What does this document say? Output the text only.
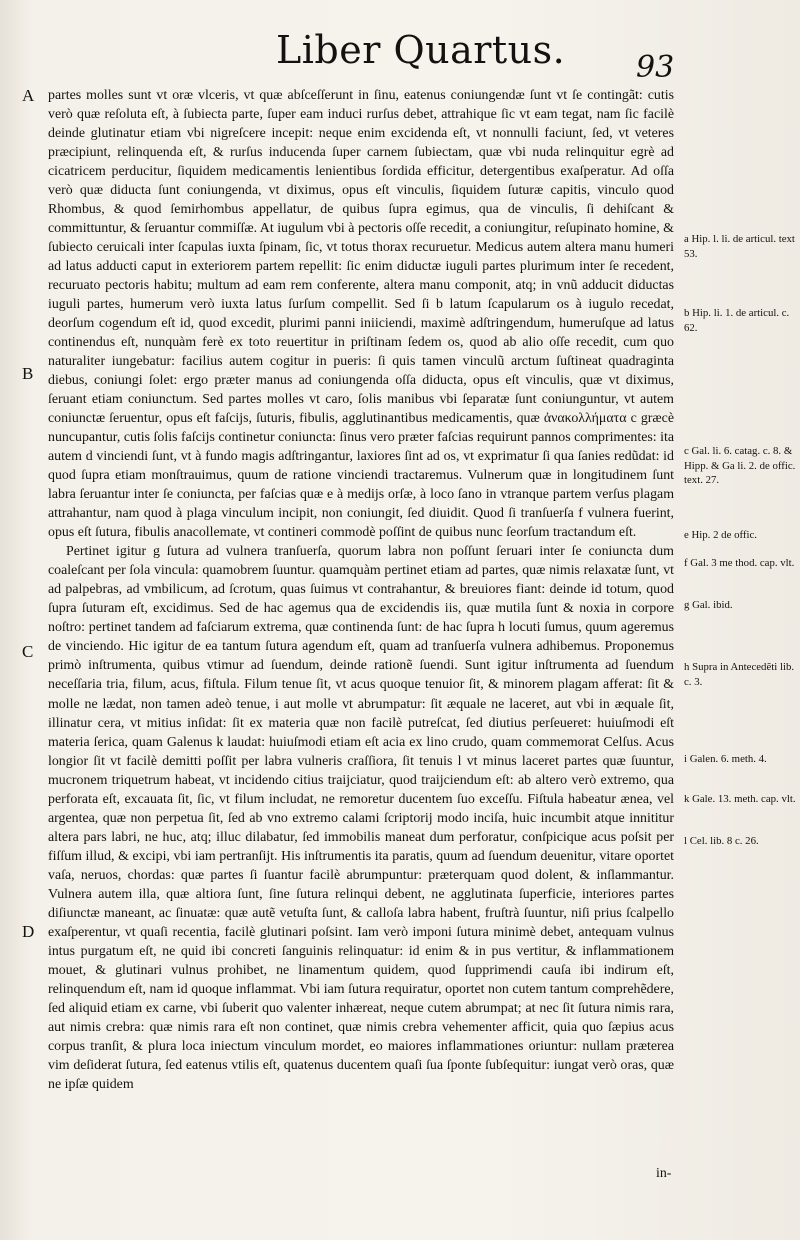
Liber Quartus. 93
A
B
C
D

partes molles sunt vt oræ vlceris, vt quæ abſceſſerunt in ſinu, eatenus coniungendæ ſunt vt ſe contingãt: cutis verò quæ reſoluta eſt, à ſubiecta parte, ſuper eam induci rurſus debet, attrahique ſic vt eam tegat, nam ſic facilè deinde glutinatur etiam vbi nigreſcere incepit: neque enim excidenda eſt, vt nonnulli faciunt, ſed, vt veteres præcipiunt, relinquenda eſt, & rurſus inducenda ſuper carnem ſubiectam, quæ vbi nuda relinquitur egrè ad cicatricem perducitur, ſiquidem medicamentis lenientibus ſordida efficitur, detergentibus exaſperatur. Ad oſſa verò quæ diducta ſunt coniungenda, vt diximus, opus eſt vinculis, ſiquidem ſuturæ capitis, vinculo quod Rhombus, & quod ſemirhombus appellatur, de quibus ſupra egimus, qua de vinculis, ſi dehiſcant & committuntur, & ſeruantur commiſſæ. At iugulum vbi à pectoris oſſe recedit, a coniungitur, reſupinato homine, & ſubiecto ceruicali inter ſcapulas iuxta ſpinam, ſic, vt totus thorax recuruetur. Medicus autem altera manu humeri ad latus adducti caput in exteriorem partem repellit: ſic enim diductæ iuguli partes plurimum inter ſe recedent, recuruato pectoris habitu; multum ad eam rem conferente, altera manu componit, atq; in vnũ adducit diductas iuguli partes, humerum verò iuxta latus ſurſum compellit. Sed ſi b latum ſcapularum os à iugulo recedat, deorſum cogendum eſt id, quod excedit, plurimi panni iniiciendi, maximè adſtringendum, humeruſque ad latus continendus eſt, nunquàm ferè ex toto reuertitur in priſtinam ſedem os, quod ab alio oſſe recedit, cum quo naturaliter iungebatur: facilius autem cogitur in pueris: ſi quis tamen vinculũ arctum ſuſtineat quadraginta diebus, coniungi ſolet: ergo præter manus ad coniungenda oſſa diducta, opus eſt vinculis, quæ vt diximus, ſeruant etiam coniunctum. Sed partes molles vt caro, ſolis manibus vbi ſeparatæ ſunt coniunguntur, vt autem coniunctæ ſeruentur, opus eſt faſcijs, ſuturis, fibulis, agglutinantibus medicamentis, quæ ἀνακολλήματα c græcè nuncupantur, cutis ſolis faſcijs continetur coniuncta: ſinus vero præter faſcias requirunt pannos comprimentes: ita autem d vinciendi ſunt, vt à fundo magis adſtringantur, laxiores ſint ad os, vt exprimatur ſi qua ſanies redũdat: id quod ſupra etiam monſtrauimus, quum de ratione vinciendi tractaremus. Vulnerum quæ in longitudinem ſunt labra ſeruantur inter ſe coniuncta, per faſcias quæ e à medijs orſæ, à loco ſano in vtranque partem verſus plagam attrahantur, nam quod à plaga vinculum incipit, non coniungit, ſed diuidit. Quod ſi tranſuerſa f vulnera fuerint, opus eſt ſutura, fibulis anacollemate, vt contineri commodè poſſint de quibus nunc ſeorſum tractandum eſt.

Pertinet igitur g ſutura ad vulnera tranſuerſa, quorum labra non poſſunt ſeruari inter ſe coniuncta dum coaleſcant per ſola vincula: quamobrem ſuuntur. quamquàm pertinet etiam ad partes, quæ nimis relaxatæ ſunt, vt ad palpebras, ad vmbilicum, ad ſcrotum, quas ſuimus vt contrahantur, & breuiores fiant: deinde id totum, quod ſupra ſuturam eſt, excidimus. Sed de hac agemus qua de excidendis iis, quæ mutila ſunt & noxia in corpore noſtro: pertinet tandem ad faſciarum extrema, quæ continenda ſunt: de hac ſupra h locuti ſumus, quum ageremus de vinciendo. Hic igitur de ea tantum ſutura agendum eſt, quam ad tranſuerſa vulnera adhibemus. Proponemus primò inſtrumenta, quibus vtimur ad ſuendum, deinde rationẽ ſuendi. Sunt igitur inſtrumenta ad ſuendum neceſſaria tria, filum, acus, fiſtula. Filum tenue ſit, vt acus quoque tenuior ſit, & minorem plagam afferat: ſit & molle ne lædat, non tamen adeò tenue, i aut molle vt abrumpatur: ſit æquale ne laceret, aut vbi in æquale ſit, illinatur cera, vt mitius inſidat: ſit ex materia quæ non facilè putreſcat, ſed diutius perſeueret: huiuſmodi eſt materia ſerica, quam Galenus k laudat: huiuſmodi etiam eſt acia ex lino crudo, quam commemorat Celſus. Acus longior ſit vt facilè demitti poſſit per labra vulneris craſſiora, ſit tenuis l vt minus laceret partes quæ ſuuntur, mucronem triquetrum habeat, vt incidendo citius traijciatur, quod traijciendum eſt: ab altero verò extremo, qua perforata eſt, excauata ſit, ſic, vt filum includat, ne remoretur ducentem ſuo exceſſu. Fiſtula habeatur ænea, vel argentea, quæ non perpetua ſit, ſed ab vno extremo calami ſcriptorij modo inciſa, huic incumbit atque innititur altera pars labri, ne huc, atq; illuc dilabatur, ſed immobilis maneat dum perforatur, conſpicique acus poſsit per fiſſum illud, & excipi, vbi iam pertranſijt. His inſtrumentis ita paratis, quum ad ſuendum deuenitur, vitare oportet vaſa, neruos, chordas: quæ partes ſi ſuantur facilè abrumpuntur: præterquam quod dolent, & inſlammantur. Vulnera autem illa, quæ altiora ſunt, ſine ſutura relinqui debent, ne agglutinata ſuperficie, interiores partes diſiunctæ maneant, ac ſinuatæ: quæ autẽ vetuſta ſunt, & calloſa labra habent, fruſtrà ſuuntur, niſi prius ſcalpello exaſperentur, vt quaſi recentia, facilè glutinari poſsint. Iam verò imponi ſutura minimè debet, antequam vulnus intus purgatum eſt, ne quid ibi concreti ſanguinis relinquatur: id enim & in pus vertitur, & inflammationem mouet, & glutinari vulnus prohibet, ne linamentum quidem, quod ſupprimendi cauſa ibi indirum eſt, relinquendum eſt, nam id quoque inflammat. Vbi iam ſutura requiratur, oportet non cutem tantum comprehẽdere, ſed aliquid etiam ex carne, vbi ſuberit quo valenter inhæreat, neque cutem abrumpat; at nec ſit ſutura nimis rara, aut nimis crebra: quæ nimis rara eſt non continet, quæ nimis crebra vehementer afficit, quia quo ſæpius acus corpus tranſit, & plura loca iniectum vinculum mordet, eo maiores inflammationes oriuntur: nullam præterea vim deſiderat ſutura, ſed eatenus vtilis eſt, quatenus ducentem quaſi ſua ſponte ſubſequitur: iungat verò oras, quæ ne ipſæ quidem

in-
a Hip. l. li. de articul. text 53.
b Hip. li. 1. de articul. c. 62.
c Gal. li. 6. catag. c. 8. & Hipp. & Ga li. 2. de offic. text. 27.
e Hip. 2 de offic.
f Gal. 3 me thod. cap. vlt.
g Gal. ibid.
h Supra in Antecedẽti lib. c. 3.
i Galen. 6. meth. 4.
k Gale. 13. meth. cap. vlt.
l Cel. lib. 8 c. 26.
